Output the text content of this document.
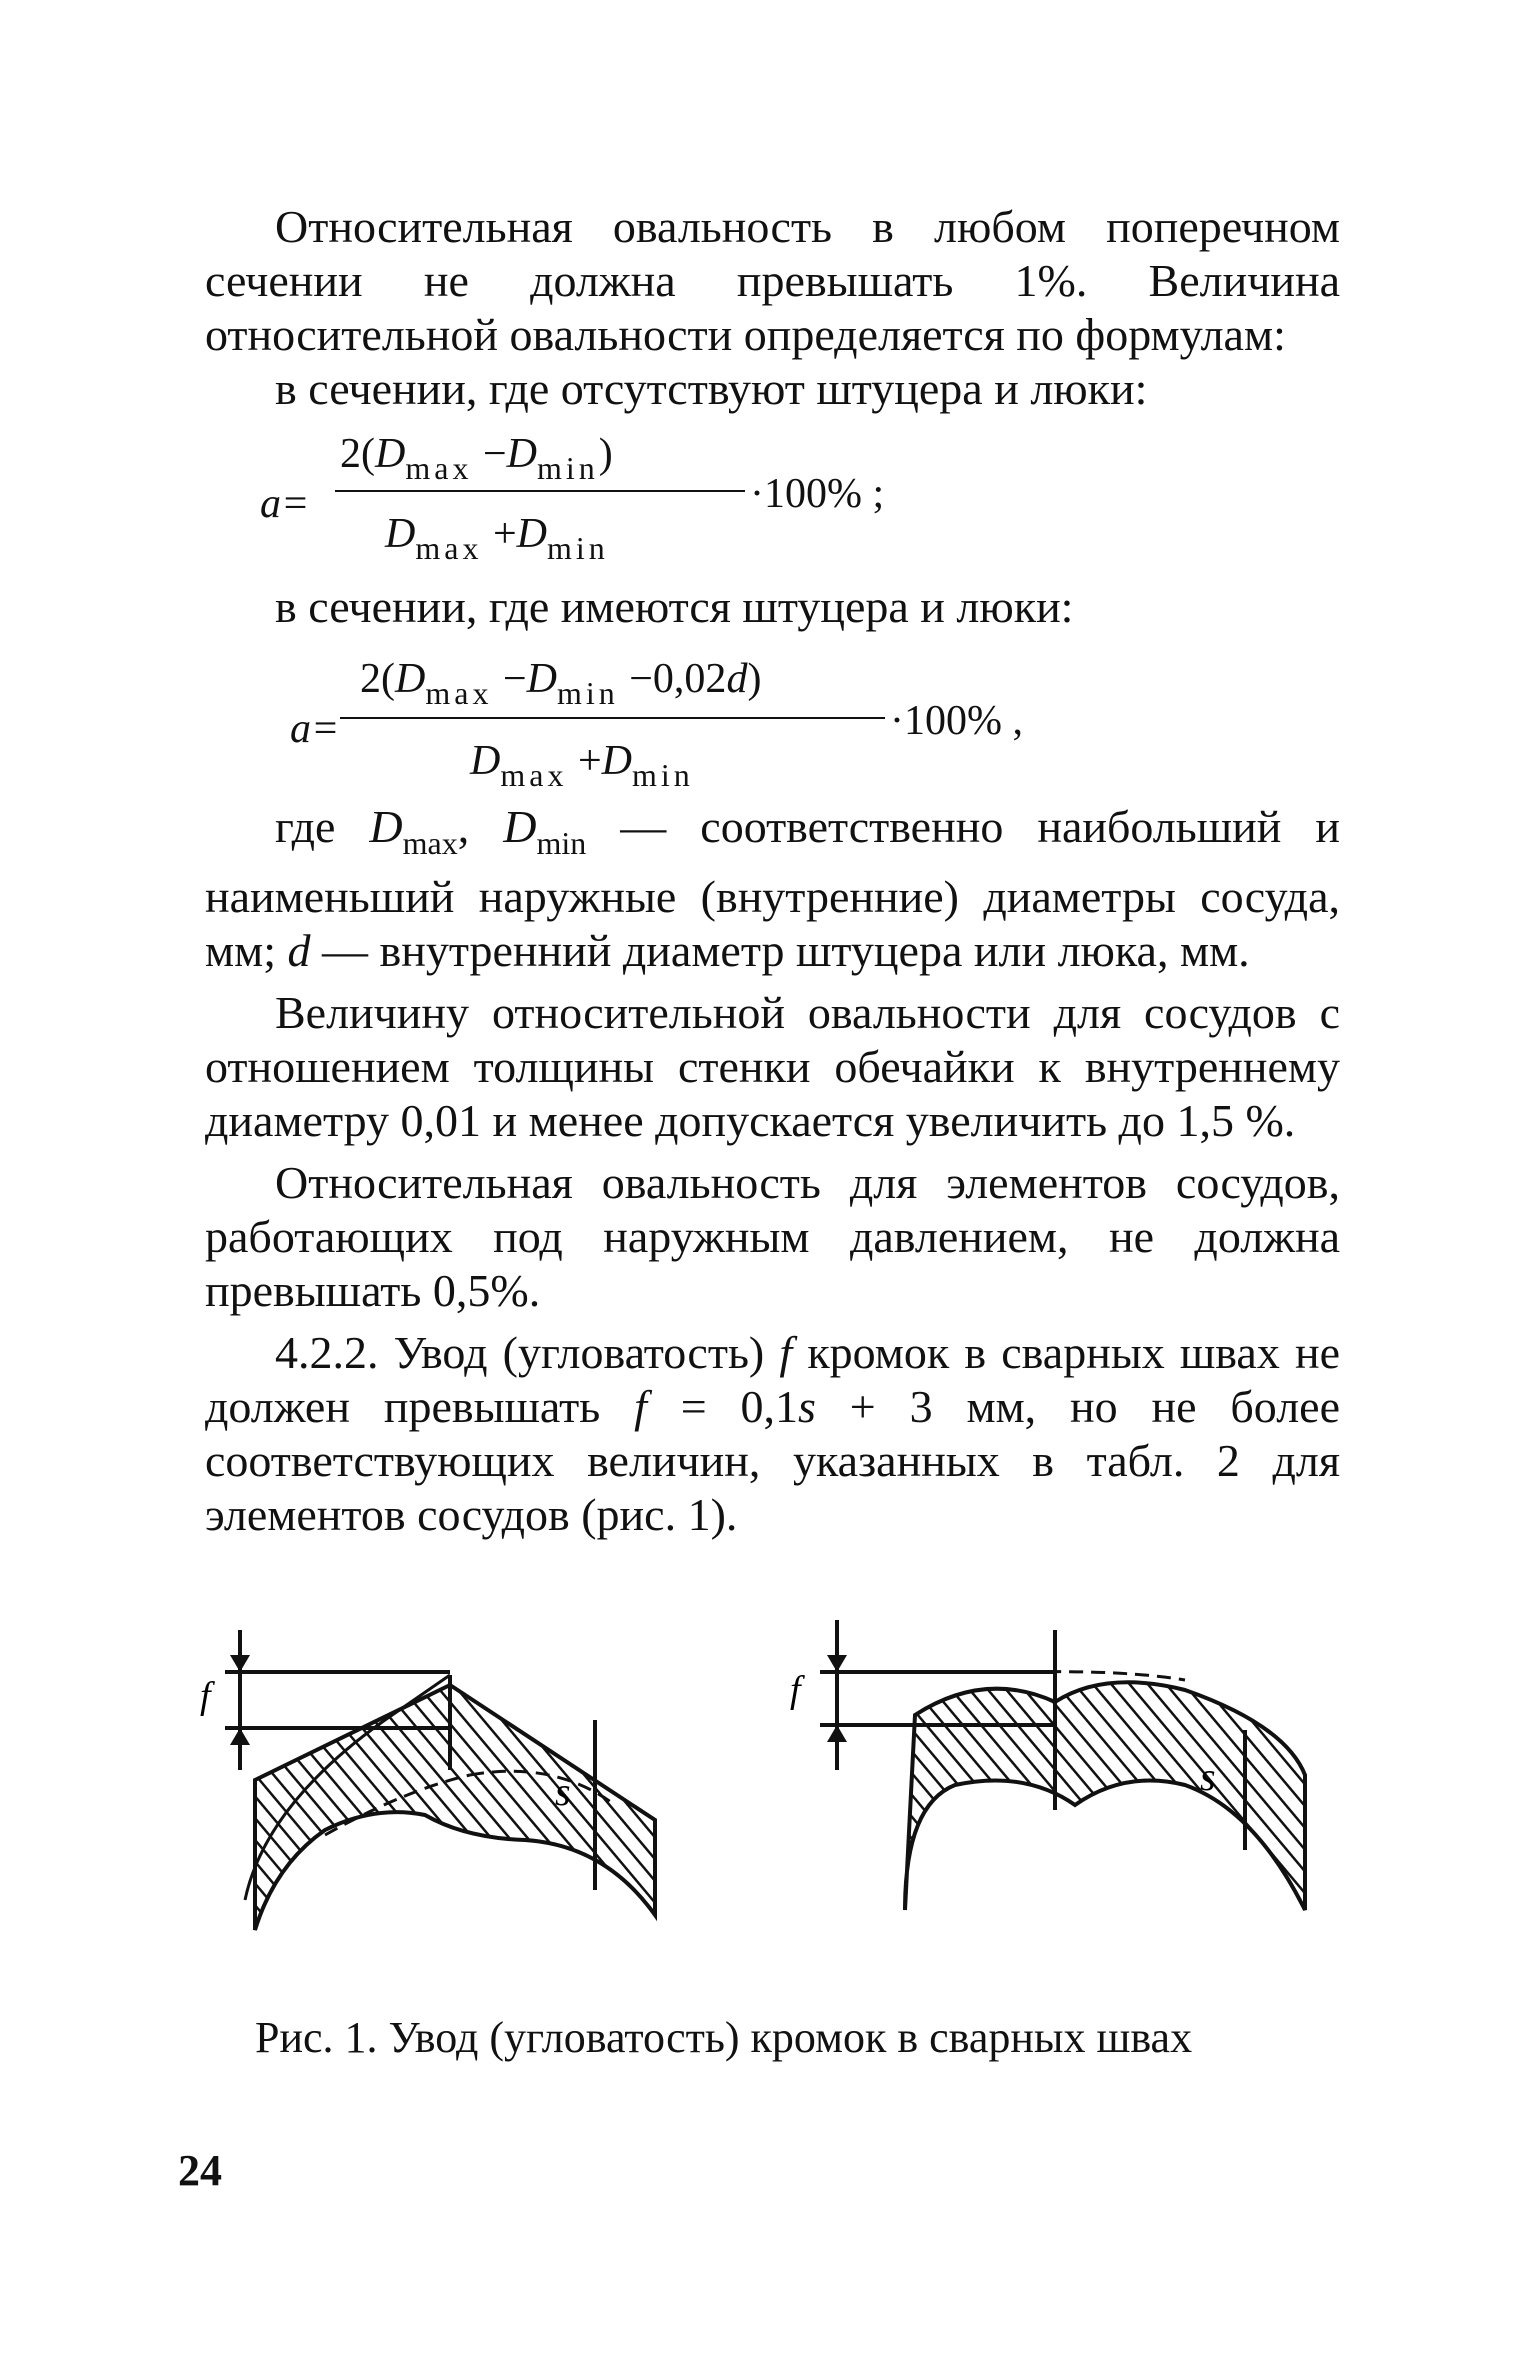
Относительная овальность в любом поперечном сечении не должна превышать 1%. Величина относительной овальности определяется по формулам:

в сечении, где отсутствуют штуцера и люки:

a=
$2(D_{max} -D_{min})$
·100% ;
$D_{max} +D_{min}$

в сечении, где имеются штуцера и люки:

a=
$2(D_{max} -D_{min} -0,02d)$
·100% ,
$D_{max} +D_{min}$

где $D_{max}$, $D_{min}$ — соответственно наибольший и наименьший наружные (внутренние) диаметры сосуда, мм; d — внутренний диаметр штуцера или люка, мм.

Величину относительной овальности для сосудов с отношением толщины стенки обечайки к внутреннему диаметру 0,01 и менее допускается увеличить до 1,5 %.

Относительная овальность для элементов сосудов, работающих под наружным давлением, не должна превышать 0,5%.

4.2.2. Увод (угловатость) f кромок в сварных швах не должен превышать f = 0,1s + 3 мм, но не более соответствующих величин, указанных в табл. 2 для элементов сосудов (рис. 1).

f
s
f
s
Рис. 1. Увод (угловатость) кромок в сварных швах
24
